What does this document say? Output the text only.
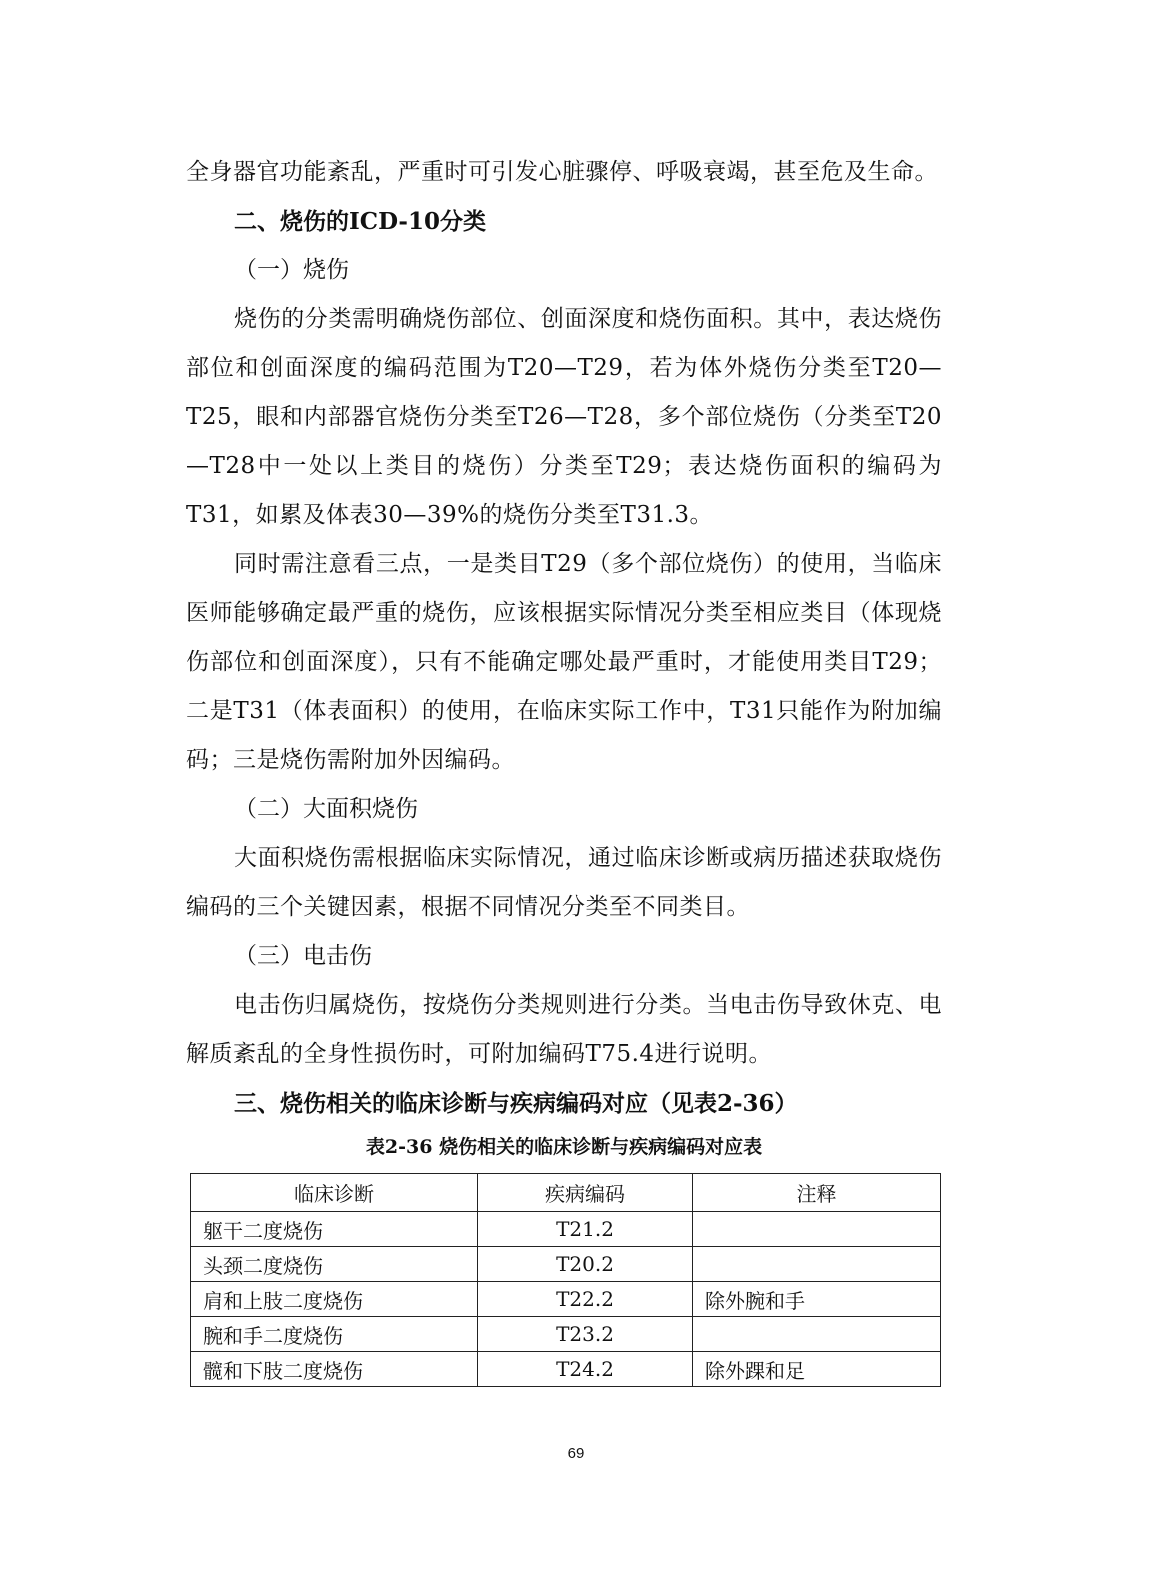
全身器官功能紊乱，严重时可引发心脏骤停、呼吸衰竭，甚至危及生命。

二、烧伤的ICD-10分类

（一）烧伤

烧伤的分类需明确烧伤部位、创面深度和烧伤面积。其中，表达烧伤部位和创面深度的编码范围为T20—T29，若为体外烧伤分类至T20—T25，眼和内部器官烧伤分类至T26—T28，多个部位烧伤（分类至T20—T28中一处以上类目的烧伤）分类至T29；表达烧伤面积的编码为T31，如累及体表30—39%的烧伤分类至T31.3。

同时需注意看三点，一是类目T29（多个部位烧伤）的使用，当临床医师能够确定最严重的烧伤，应该根据实际情况分类至相应类目（体现烧伤部位和创面深度），只有不能确定哪处最严重时，才能使用类目T29；二是T31（体表面积）的使用，在临床实际工作中，T31只能作为附加编码；三是烧伤需附加外因编码。

（二）大面积烧伤

大面积烧伤需根据临床实际情况，通过临床诊断或病历描述获取烧伤编码的三个关键因素，根据不同情况分类至不同类目。

（三）电击伤

电击伤归属烧伤，按烧伤分类规则进行分类。当电击伤导致休克、电解质紊乱的全身性损伤时，可附加编码T75.4进行说明。

三、烧伤相关的临床诊断与疾病编码对应（见表2-36）

表2-36 烧伤相关的临床诊断与疾病编码对应表

临床诊断	疾病编码	注释
躯干二度烧伤	T21.2	
头颈二度烧伤	T20.2	
肩和上肢二度烧伤	T22.2	除外腕和手
腕和手二度烧伤	T23.2	
髋和下肢二度烧伤	T24.2	除外踝和足
69
